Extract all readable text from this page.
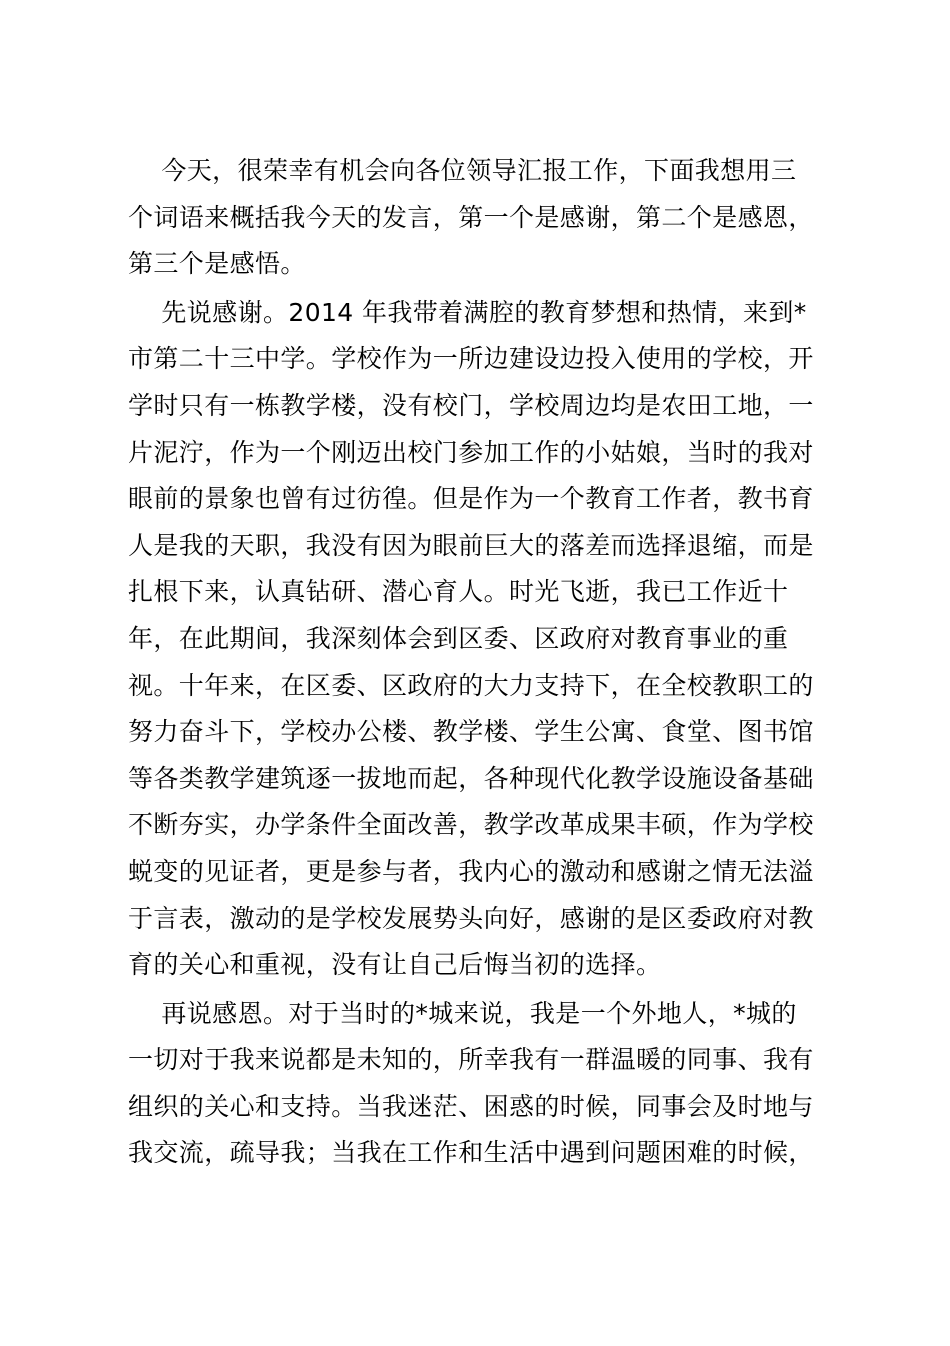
今天，很荣幸有机会向各位领导汇报工作，下面我想用三
个词语来概括我今天的发言，第一个是感谢，第二个是感恩，
第三个是感悟。
先说感谢。2014 年我带着满腔的教育梦想和热情，来到*
市第二十三中学。学校作为一所边建设边投入使用的学校，开
学时只有一栋教学楼，没有校门，学校周边均是农田工地，一
片泥泞，作为一个刚迈出校门参加工作的小姑娘，当时的我对
眼前的景象也曾有过彷徨。但是作为一个教育工作者，教书育
人是我的天职，我没有因为眼前巨大的落差而选择退缩，而是
扎根下来，认真钻研、潜心育人。时光飞逝，我已工作近十
年，在此期间，我深刻体会到区委、区政府对教育事业的重
视。十年来，在区委、区政府的大力支持下，在全校教职工的
努力奋斗下，学校办公楼、教学楼、学生公寓、食堂、图书馆
等各类教学建筑逐一拔地而起，各种现代化教学设施设备基础
不断夯实，办学条件全面改善，教学改革成果丰硕，作为学校
蜕变的见证者，更是参与者，我内心的激动和感谢之情无法溢
于言表，激动的是学校发展势头向好，感谢的是区委政府对教
育的关心和重视，没有让自己后悔当初的选择。
再说感恩。对于当时的*城来说，我是一个外地人，*城的
一切对于我来说都是未知的，所幸我有一群温暖的同事、我有
组织的关心和支持。当我迷茫、困惑的时候，同事会及时地与
我交流，疏导我；当我在工作和生活中遇到问题困难的时候，
